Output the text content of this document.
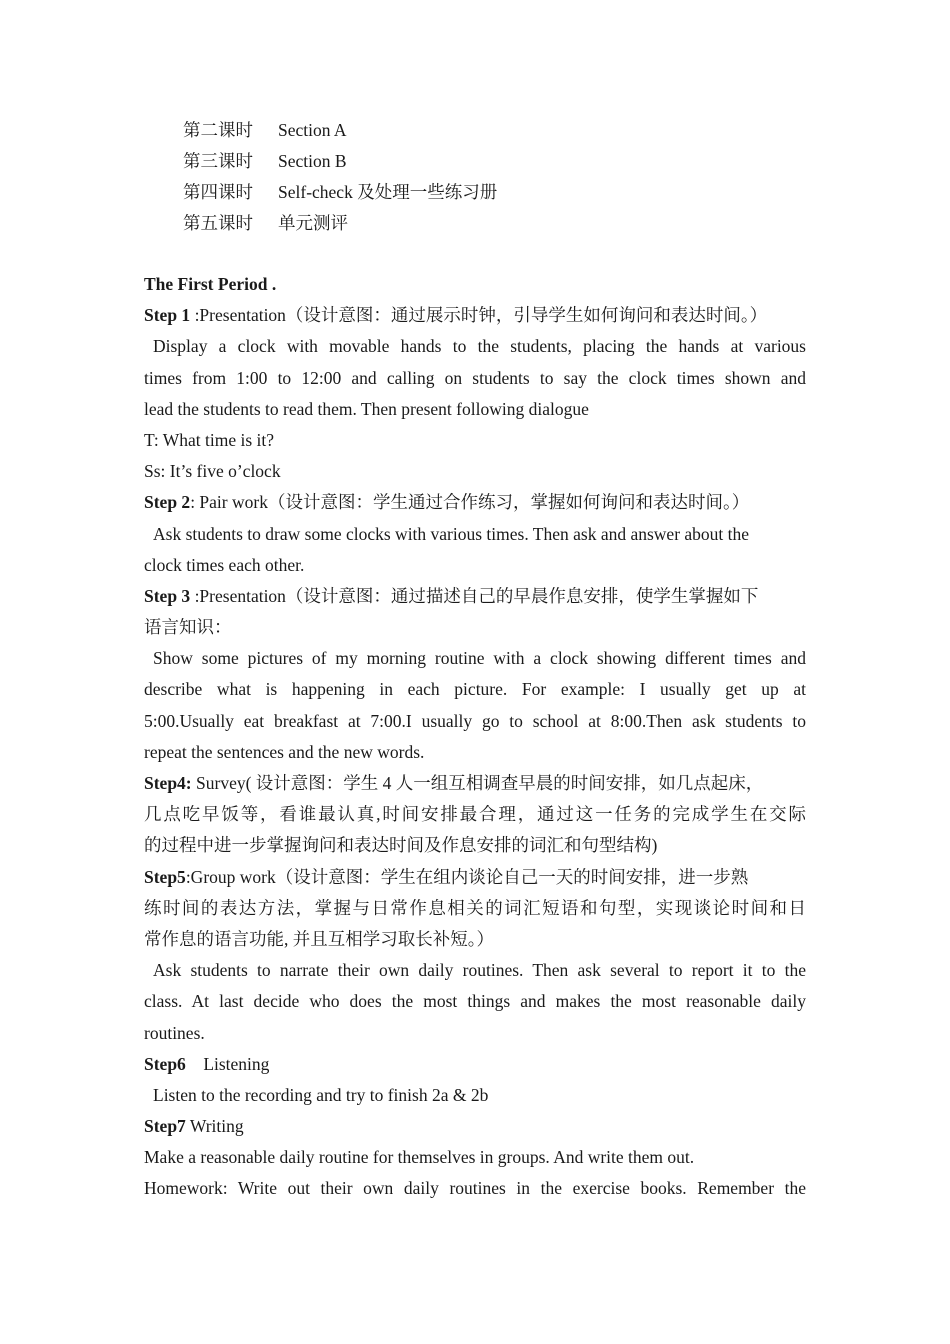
第二课时 Section A
第三课时 Section B
第四课时 Self-check 及处理一些练习册
第五课时 单元测评
The First Period .
Step 1 :Presentation（设计意图：通过展示时钟，引导学生如何询问和表达时间。）
Display a clock with movable hands to the students, placing the hands at various
times from 1:00 to 12:00 and calling on students to say the clock times shown and
lead the students to read them. Then present following dialogue
T: What time is it?
Ss: It’s five o’clock
Step 2: Pair work（设计意图：学生通过合作练习，掌握如何询问和表达时间。）
Ask students to draw some clocks with various times. Then ask and answer about the
clock times each other.
Step 3 :Presentation（设计意图：通过描述自己的早晨作息安排，使学生掌握如下
语言知识：
Show some pictures of my morning routine with a clock showing different times and
describe what is happening in each picture. For example: I usually get up at
5:00.Usually eat breakfast at 7:00.I usually go to school at 8:00.Then ask students to
repeat the sentences and the new words.
Step4: Survey( 设计意图：学生 4 人一组互相调查早晨的时间安排，如几点起床，
几点吃早饭等，看谁最认真,时间安排最合理，通过这一任务的完成学生在交际
的过程中进一步掌握询问和表达时间及作息安排的词汇和句型结构)
Step5:Group work（设计意图：学生在组内谈论自己一天的时间安排，进一步熟
练时间的表达方法，掌握与日常作息相关的词汇短语和句型，实现谈论时间和日
常作息的语言功能, 并且互相学习取长补短。）
Ask students to narrate their own daily routines. Then ask several to report it to the
class. At last decide who does the most things and makes the most reasonable daily
routines.
Step6    Listening
Listen to the recording and try to finish 2a & 2b
Step7 Writing
Make a reasonable daily routine for themselves in groups. And write them out.
Homework: Write out their own daily routines in the exercise books. Remember the
